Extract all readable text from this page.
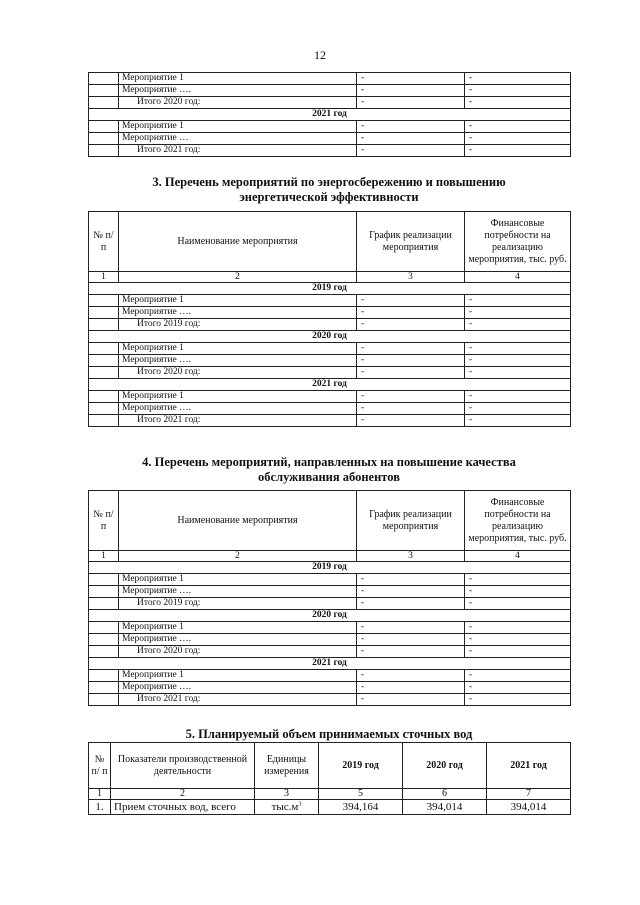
12
	Мероприятие 1	-	-
	Мероприятие ….	-	-
	Итого 2020 год:	-	-
2021 год			
	Мероприятие 1	-	-
	Мероприятие …	-	-
	Итого 2021 год:	-	-
3. Перечень мероприятий по энергосбережению и повышению
энергетической эффективности
№ п/п	Наименование мероприятия	График реализации мероприятия	Финансовые потребности на реализацию мероприятия, тыс. руб.
1	2	3	4
2019 год			
	Мероприятие 1	-	-
	Мероприятие ….	-	-
	Итого 2019 год:	-	-
2020 год			
	Мероприятие 1	-	-
	Мероприятие ….	-	-
	Итого 2020 год:	-	-
2021 год			
	Мероприятие 1	-	-
	Мероприятие ….	-	-
	Итого 2021 год:	-	-
4. Перечень мероприятий, направленных на повышение качества
обслуживания абонентов
№ п/п	Наименование мероприятия	График реализации мероприятия	Финансовые потребности на реализацию мероприятия, тыс. руб.
1	2	3	4
2019 год			
	Мероприятие 1	-	-
	Мероприятие ….	-	-
	Итого 2019 год:	-	-
2020 год			
	Мероприятие 1	-	-
	Мероприятие ….	-	-
	Итого 2020 год:	-	-
2021 год			
	Мероприятие 1	-	-
	Мероприятие ….	-	-
	Итого 2021 год:	-	-
5. Планируемый объем принимаемых сточных вод
№ п/ п	Показатели производственной деятельности	Единицы измерения	2019 год	2020 год	2021 год
1	2	3	5	6	7
1.	Прием сточных вод, всего	$тыс.м^3$	394,164	394,014	394,014
